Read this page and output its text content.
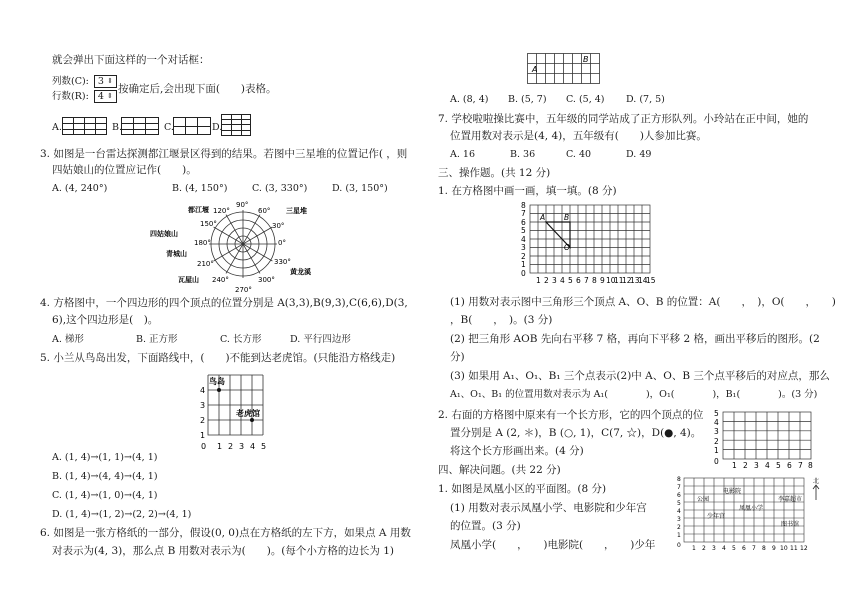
就会弹出下面这样的一个对话框：
列数(C): 3 ⇕
行数(R): 4 ⇕
按确定后,会出现下面(　　)表格。
A.	B.	C.	D.
3. 如图是一台雷达探测都江堰景区得到的结果。若图中三星堆的位置记作( ，则
四姑娘山的位置应记作(　　)。
A. (4, 240°)	B. (4, 150°)	C. (3, 330°)	D. (3, 150°)
90°
60°
120°
150°	30°
180°	0°
210°	330°
240°	300°
270°
都江堰	三星堆
四姑娘山
青城山
瓦屋山
黄龙溪
4. 方格图中，一个四边形的四个顶点的位置分别是 A(3,3),B(9,3),C(6,6),D(3,
6),这个四边形是(　)。
A. 梯形	B. 正方形	C. 长方形	D. 平行四边形
5. 小兰从鸟岛出发，下面路线中，(　　)不能到达老虎馆。(只能沿方格线走)
鸟岛
老虎馆
4
3
2
1
0 1 2 3 4 5
A. (1, 4)→(1, 1)→(4, 1)
B. (1, 4)→(4, 4)→(4, 1)
C. (1, 4)→(1, 0)→(4, 1)
D. (1, 4)→(1, 2)→(2, 2)→(4, 1)
6. 如图是一张方格纸的一部分，假设(0, 0)点在方格纸的左下方，如果点 A 用数
对表示为(4, 3)，那么点 B 用数对表示为(　　)。(每个小方格的边长为 1)
A
B
A. (8, 4) B. (5, 7) C. (5, 4) D. (7, 5)
7. 学校啦啦操比赛中，五年级的同学站成了正方形队列。小玲站在正中间，她的
位置用数对表示是(4, 4)，五年级有(　　)人参加比赛。
A. 16	B. 36	C. 40	D. 49
三、操作题。(共 12 分)
1. 在方格图中画一画，填一填。(8 分)
A	B
O
8
7
6
5
4
3
2
1
0
1 2 3 4 5 6 7 8 9 10
11
12
13
14
15
(1) 用数对表示图中三角形三个顶点 A、O、B 的位置：A(　　，　)，O(　　，　　)
，B(　　，　)。(3 分)
(2) 把三角形 AOB 先向右平移 7 格，再向下平移 2 格，画出平移后的图形。(2
分)
(3) 如果用 A₁、O₁、B₁ 三个点表示(2)中 A、O、B 三个点平移后的对应点，那么
A₁、O₁、B₁ 的位置用数对表示为 A₁(　　　　)，O₁(　　　　)，B₁(　　　　)。(3 分)
2. 右面的方格图中原来有一个长方形，它的四个顶点的位
置分别是 A (2, ＊)，B (○, 1)，C(7, ☆)，D(●, 4)。
将这个长方形画出来。(4 分)
5
4
3
2
1
0 1 2 3 4 5 6 7 8
四、解决问题。(共 22 分)
1. 如图是凤凰小区的平面图。(8 分)
(1) 用数对表示凤凰小学、电影院和少年宫
的位置。(3 分)
凤凰小学(　　，　　)电影院(　　，　　)少年
公园
电影院
李嘉超市
凤凰小学
少年宫
图书馆
北
8
7
6
5
4
3
2
1
0 1 2 3 4 5 6 7 8 9 10 11 12
